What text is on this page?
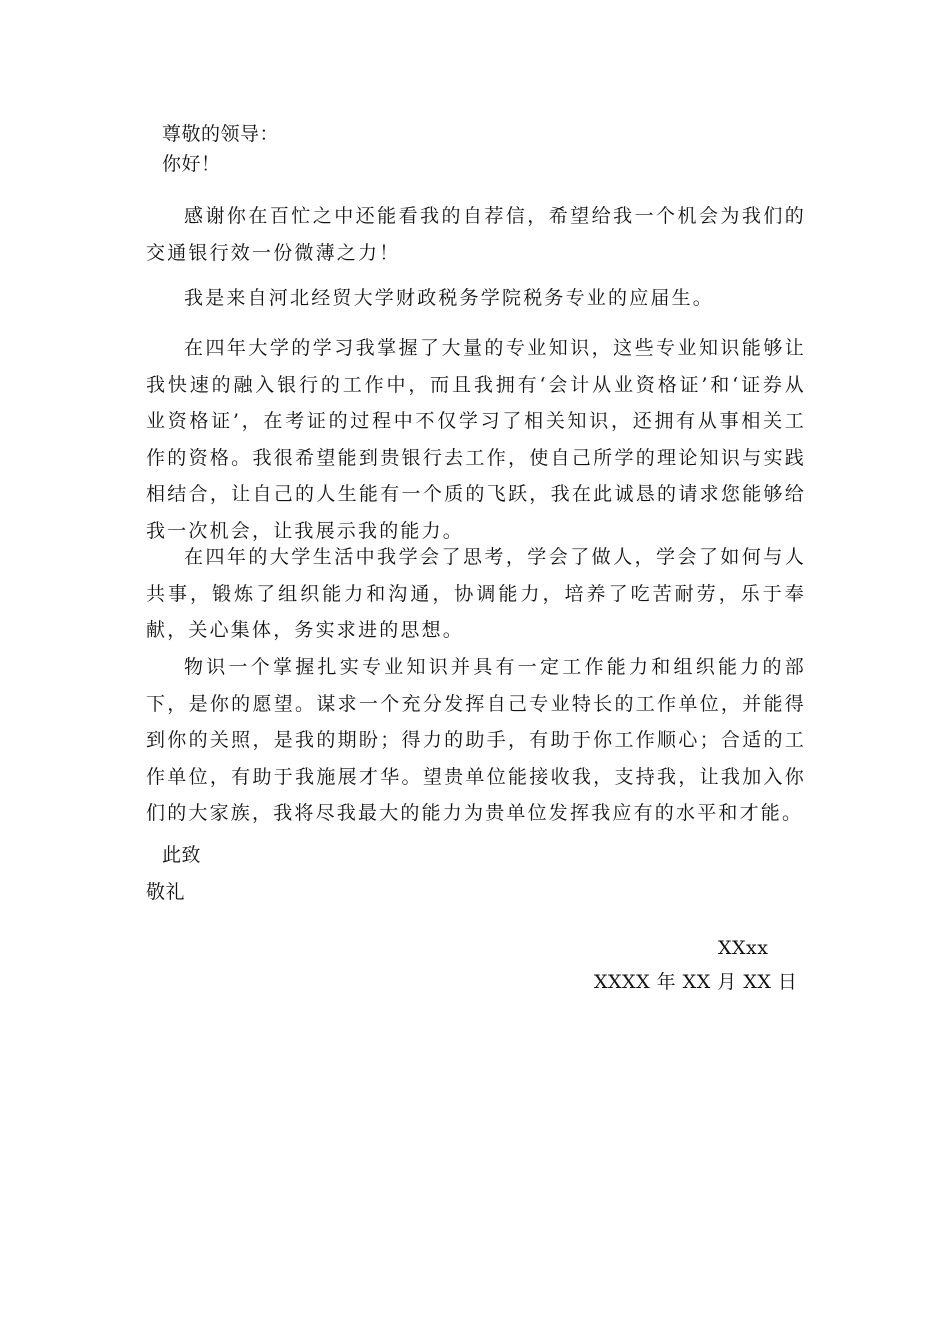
尊敬的领导：
你好！

感谢你在百忙之中还能看我的自荐信，希望给我一个机会为我们的交通银行效一份微薄之力！

我是来自河北经贸大学财政税务学院税务专业的应届生。

在四年大学的学习我掌握了大量的专业知识，这些专业知识能够让我快速的融入银行的工作中，而且我拥有‘会计从业资格证’和‘证券从业资格证’，在考证的过程中不仅学习了相关知识，还拥有从事相关工作的资格。我很希望能到贵银行去工作，使自己所学的理论知识与实践相结合，让自己的人生能有一个质的飞跃，我在此诚恳的请求您能够给我一次机会，让我展示我的能力。

在四年的大学生活中我学会了思考，学会了做人，学会了如何与人共事，锻炼了组织能力和沟通，协调能力，培养了吃苦耐劳，乐于奉献，关心集体，务实求进的思想。

物识一个掌握扎实专业知识并具有一定工作能力和组织能力的部下，是你的愿望。谋求一个充分发挥自己专业特长的工作单位，并能得到你的关照，是我的期盼；得力的助手，有助于你工作顺心；合适的工作单位，有助于我施展才华。望贵单位能接收我，支持我，让我加入你们的大家族，我将尽我最大的能力为贵单位发挥我应有的水平和才能。

此致
敬礼
XXxx
XXXX 年 XX 月 XX 日
